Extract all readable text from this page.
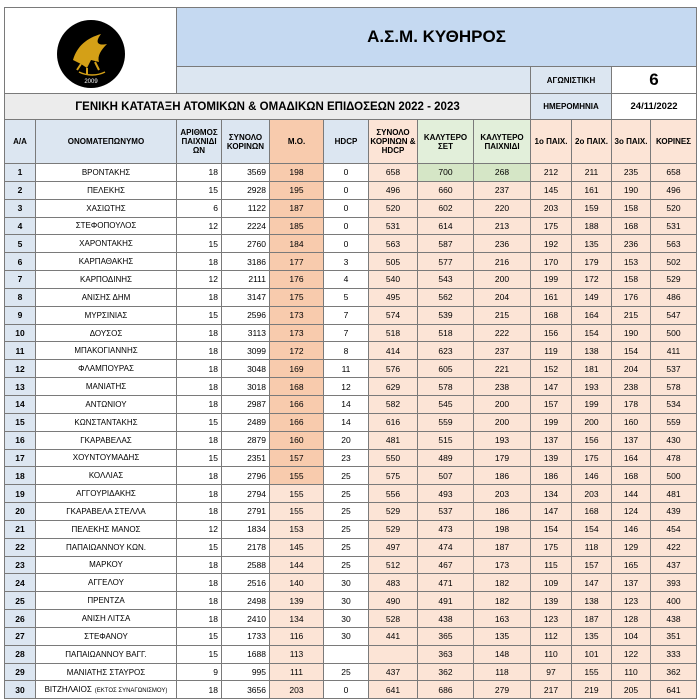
2009		Α.Σ.Μ. ΚΥΘΗΡΟΣ										
									ΑΓΩΝΙΣΤΙΚΗ		6	
ΓΕΝΙΚΗ ΚΑΤΑΤΑΞΗ ΑΤΟΜΙΚΩΝ & ΟΜΑΔΙΚΩΝ ΕΠΙΔΟΣΕΩΝ 2022 - 2023									ΗΜΕΡΟΜΗΝΙΑ		24/11/2022	
Α/Α	ΟΝΟΜΑΤΕΠΩΝΥΜΟ	ΑΡΙΘΜΟΣ ΠΑΙΧΝΙΔΙ ΩΝ	ΣΥΝΟΛΟ ΚΟΡΙΝΩΝ	Μ.Ο.	HDCP	ΣΥΝΟΛΟ ΚΟΡΙΝΩΝ & HDCP	ΚΑΛΥΤΕΡΟ ΣΕΤ	ΚΑΛΥΤΕΡΟ ΠΑΙΧΝΙΔΙ	1ο ΠΑΙΧ.	2ο ΠΑΙΧ.	3ο ΠΑΙΧ.	ΚΟΡΙΝΕΣ
1	ΒΡΟΝΤΑΚΗΣ	18	3569	198	0	658	700	268	212	211	235	658
2	ΠΕΛΕΚΗΣ	15	2928	195	0	496	660	237	145	161	190	496
3	ΧΑΣΙΩΤΗΣ	6	1122	187	0	520	602	220	203	159	158	520
4	ΣΤΕΦΟΠΟΥΛΟΣ	12	2224	185	0	531	614	213	175	188	168	531
5	ΧΑΡΟΝΤΑΚΗΣ	15	2760	184	0	563	587	236	192	135	236	563
6	ΚΑΡΠΑΘΑΚΗΣ	18	3186	177	3	505	577	216	170	179	153	502
7	ΚΑΡΠΟΔΙΝΗΣ	12	2111	176	4	540	543	200	199	172	158	529
8	ΑΝΙΣΗΣ ΔΗΜ	18	3147	175	5	495	562	204	161	149	176	486
9	ΜΥΡΣΙΝΙΑΣ	15	2596	173	7	574	539	215	168	164	215	547
10	ΔΟΥΣΟΣ	18	3113	173	7	518	518	222	156	154	190	500
11	ΜΠΑΚΟΓΙΑΝΝΗΣ	18	3099	172	8	414	623	237	119	138	154	411
12	ΦΛΑΜΠΟΥΡΑΣ	18	3048	169	11	576	605	221	152	181	204	537
13	ΜΑΝΙΑΤΗΣ	18	3018	168	12	629	578	238	147	193	238	578
14	ΑΝΤΩΝΙΟΥ	18	2987	166	14	582	545	200	157	199	178	534
15	ΚΩΝΣΤΑΝΤΑΚΗΣ	15	2489	166	14	616	559	200	199	200	160	559
16	ΓΚΑΡΑΒΕΛΑΣ	18	2879	160	20	481	515	193	137	156	137	430
17	ΧΟΥΝΤΟΥΜΑΔΗΣ	15	2351	157	23	550	489	179	139	175	164	478
18	ΚΟΛΛΙΑΣ	18	2796	155	25	575	507	186	186	146	168	500
19	ΑΓΓΟΥΡΙΔΑΚΗΣ	18	2794	155	25	556	493	203	134	203	144	481
20	ΓΚΑΡΑΒΕΛΑ ΣΤΕΛΛΑ	18	2791	155	25	529	537	186	147	168	124	439
21	ΠΕΛΕΚΗΣ ΜΑΝΟΣ	12	1834	153	25	529	473	198	154	154	146	454
22	ΠΑΠΑΙΩΑΝΝΟΥ ΚΩΝ.	15	2178	145	25	497	474	187	175	118	129	422
23	ΜΑΡΚΟΥ	18	2588	144	25	512	467	173	115	157	165	437
24	ΑΓΓΕΛΟΥ	18	2516	140	30	483	471	182	109	147	137	393
25	ΠΡΕΝΤΖΑ	18	2498	139	30	490	491	182	139	138	123	400
26	ΑΝΙΣΗ ΛΙΤΣΑ	18	2410	134	30	528	438	163	123	187	128	438
27	ΣΤΕΦΑΝΟΥ	15	1733	116	30	441	365	135	112	135	104	351
28	ΠΑΠΑΙΩΑΝΝΟΥ ΒΑΓΓ.	15	1688	113			363	148	110	101	122	333
29	ΜΑΝΙΑΤΗΣ ΣΤΑΥΡΟΣ	9	995	111	25	437	362	118	97	155	110	362
30	ΒΙΤΖΗΛΑΙΟΣ (ΕΚΤΟΣ ΣΥΝΑΓΩΝΙΣΜΟΥ)	18	3656	203	0	641	686	279	217	219	205	641
